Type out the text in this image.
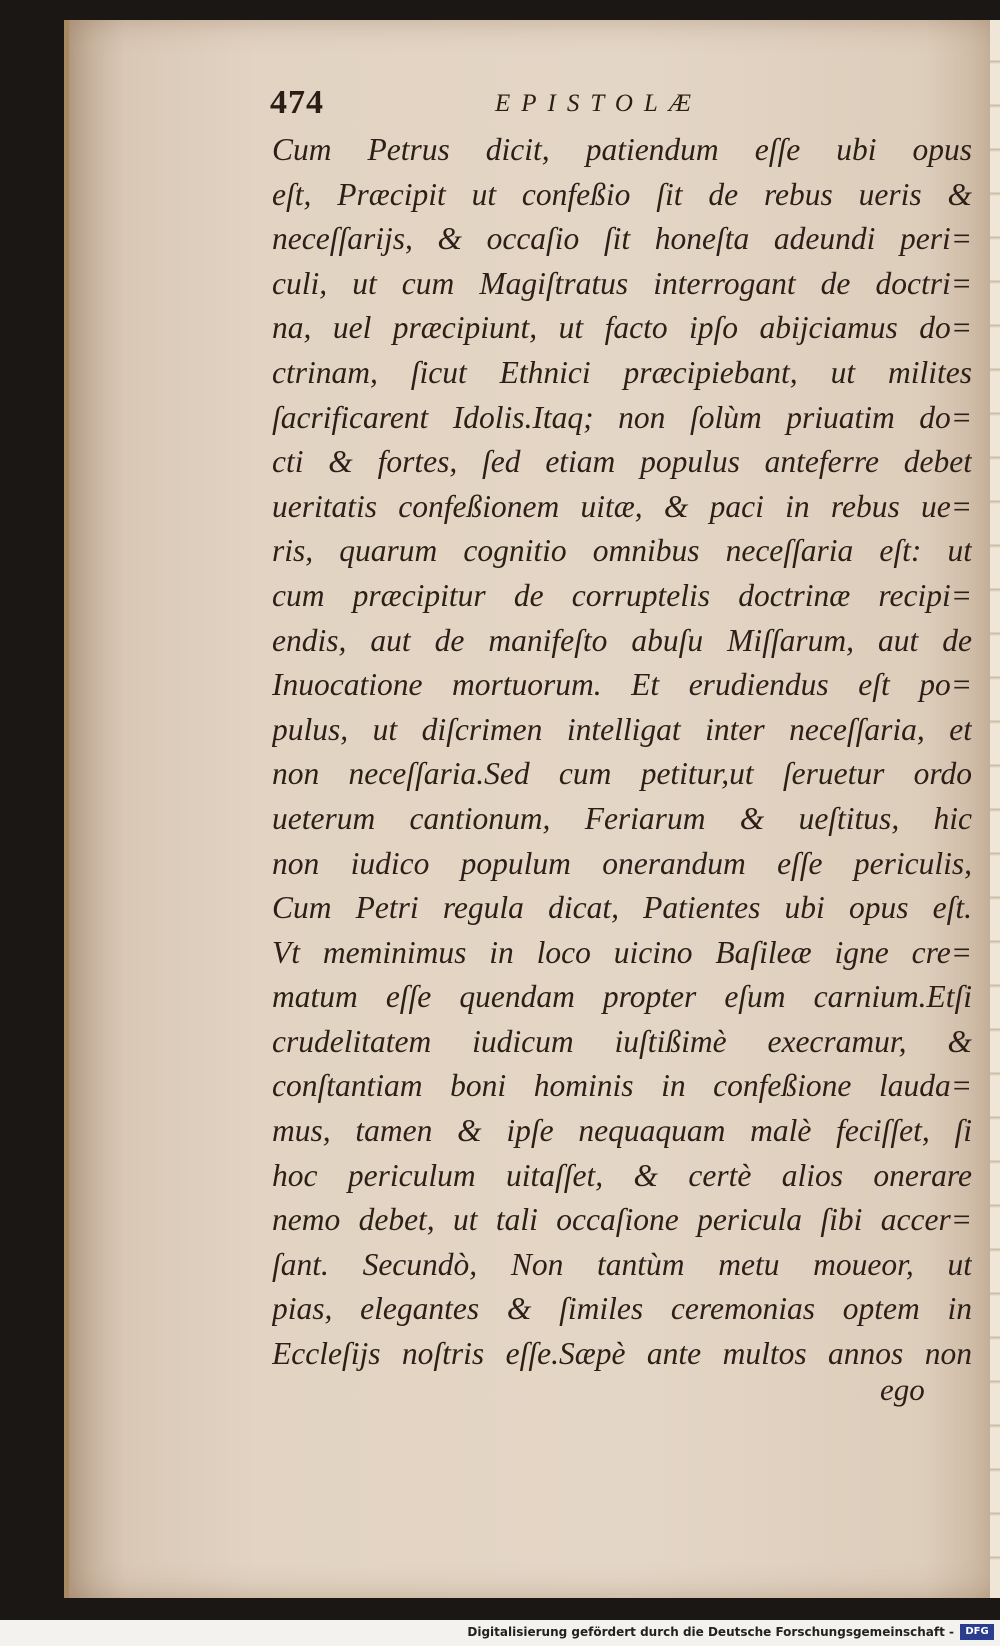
474	EPISTOLÆ
Cum Petrus dicit, patiendum eſſe ubi opus
eſt, Præcipit ut confeßio ſit de rebus ueris &
neceſſarijs, & occaſio ſit honeſta adeundi peri=
culi, ut cum Magiſtratus interrogant de doctri=
na, uel præcipiunt, ut facto ipſo abijciamus do=
ctrinam, ſicut Ethnici præcipiebant, ut milites
ſacrificarent Idolis.Itaq; non ſolùm priuatim do=
cti & fortes, ſed etiam populus anteferre debet
ueritatis confeßionem uitæ, & paci in rebus ue=
ris, quarum cognitio omnibus neceſſaria eſt: ut
cum præcipitur de corruptelis doctrinæ recipi=
endis, aut de manifeſto abuſu Miſſarum, aut de
Inuocatione mortuorum. Et erudiendus eſt po=
pulus, ut diſcrimen intelligat inter neceſſaria, et
non neceſſaria.Sed cum petitur,ut ſeruetur ordo
ueterum cantionum, Feriarum & ueſtitus, hic
non iudico populum onerandum eſſe periculis,
Cum Petri regula dicat, Patientes ubi opus eſt.
Vt meminimus in loco uicino Baſileæ igne cre=
matum eſſe quendam propter eſum carnium.Etſi
crudelitatem iudicum iuſtißimè execramur, &
conſtantiam boni hominis in confeßione lauda=
mus, tamen & ipſe nequaquam malè feciſſet, ſi
hoc periculum uitaſſet, & certè alios onerare
nemo debet, ut tali occaſione pericula ſibi accer=
ſant. Secundò, Non tantùm metu moueor, ut
pias, elegantes & ſimiles ceremonias optem in
Eccleſijs noſtris eſſe.Sæpè ante multos annos non
ego
Digitalisierung gefördert durch die Deutsche Forschungsgemeinschaft -	DFG
